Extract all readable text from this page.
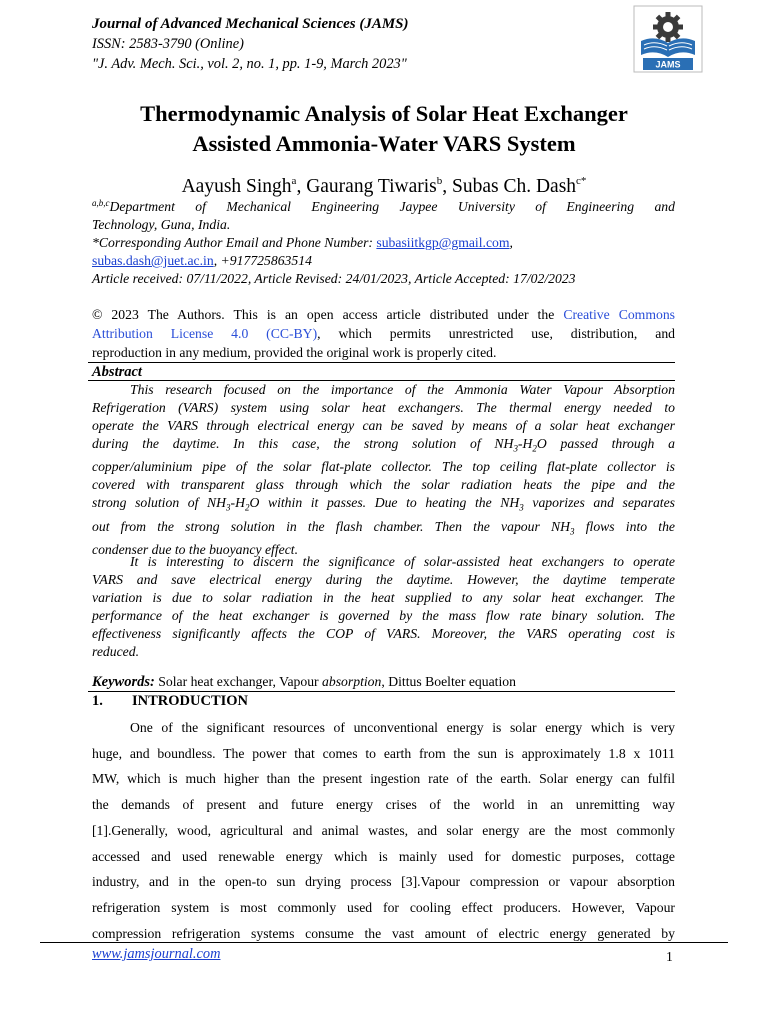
Journal of Advanced Mechanical Sciences (JAMS)
ISSN: 2583-3790 (Online)
"J. Adv. Mech. Sci., vol. 2, no. 1, pp. 1-9, March 2023"	JAMS
Thermodynamic Analysis of Solar Heat Exchanger
Assisted Ammonia-Water VARS System
Aayush Singh$^a$, Gaurang Tiwaris$^b$, Subas Ch. Dash$^{c*}$
$^{a,b,c}$Department of Mechanical Engineering Jaypee University of Engineering and
Technology, Guna, India.
*Corresponding Author Email and Phone Number: subasiitkgp@gmail.com,
subas.dash@juet.ac.in, +917725863514
Article received: 07/11/2022, Article Revised: 24/01/2023, Article Accepted: 17/02/2023
© 2023 The Authors. This is an open access article distributed under the Creative Commons
Attribution License 4.0 (CC-BY), which permits unrestricted use, distribution, and
reproduction in any medium, provided the original work is properly cited.
Abstract
This research focused on the importance of the Ammonia Water Vapour Absorption
Refrigeration (VARS) system using solar heat exchangers. The thermal energy needed to
operate the VARS through electrical energy can be saved by means of a solar heat exchanger
during the daytime. In this case, the strong solution of $NH_3-H_2O$ passed through a
copper/aluminium pipe of the solar flat-plate collector. The top ceiling flat-plate collector is
covered with transparent glass through which the solar radiation heats the pipe and the
strong solution of $NH_3-H_2O$ within it passes. Due to heating the $NH_3$ vaporizes and separates
out from the strong solution in the flash chamber. Then the vapour $NH_3$ flows into the
condenser due to the buoyancy effect.
It is interesting to discern the significance of solar-assisted heat exchangers to operate
VARS and save electrical energy during the daytime. However, the daytime temperate
variation is due to solar radiation in the heat supplied to any solar heat exchanger. The
performance of the heat exchanger is governed by the mass flow rate binary solution. The
effectiveness significantly affects the COP of VARS. Moreover, the VARS operating cost is
reduced.
Keywords: Solar heat exchanger, Vapour absorption, Dittus Boelter equation
1. INTRODUCTION
One of the significant resources of unconventional energy is solar energy which is very
huge, and boundless. The power that comes to earth from the sun is approximately 1.8 x 1011
MW, which is much higher than the present ingestion rate of the earth. Solar energy can fulfil
the demands of present and future energy crises of the world in an unremitting way
[1].Generally, wood, agricultural and animal wastes, and solar energy are the most commonly
accessed and used renewable energy which is mainly used for domestic purposes, cottage
industry, and in the open-to sun drying process [3].Vapour compression or vapour absorption
refrigeration system is most commonly used for cooling effect producers. However, Vapour
compression refrigeration systems consume the vast amount of electric energy generated by
www.jamsjournal.com	1
